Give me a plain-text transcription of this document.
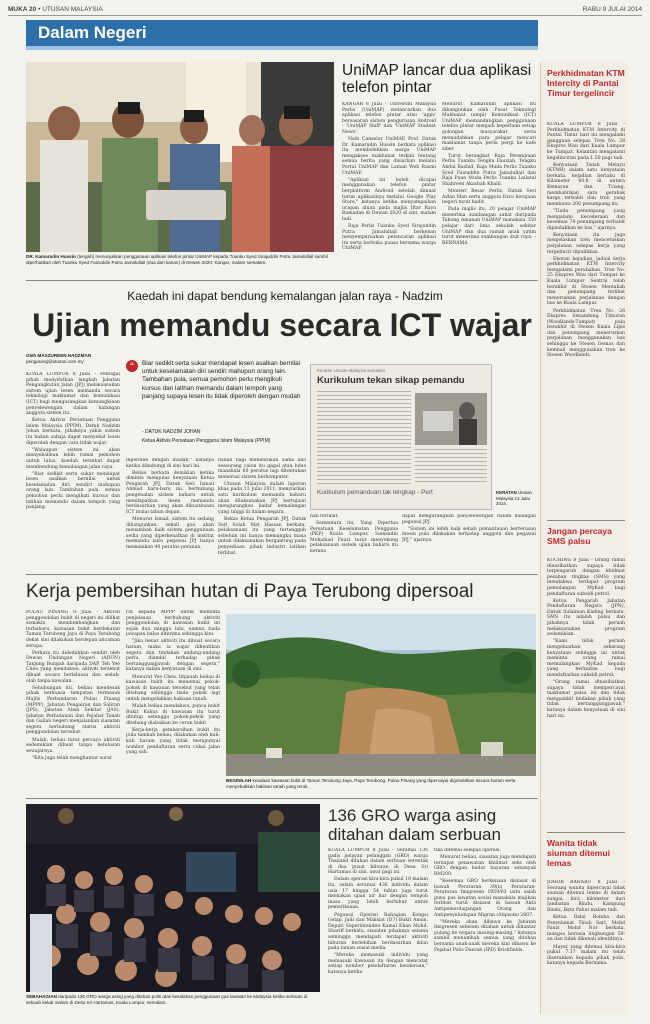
MUKA 20 • UTUSAN MALAYSIA	RABU 9 JULAI 2014
Dalam Negeri
DR. Kamarudin Hussin (tengah) menunjukkan penggunaan aplikasi telefon pintar UniMAP kepada Tuanku Syed Sirajuddin Putra Jamalullail sambil diperhatikan oleh Tuanku Syed Faizuddin Putra Jamalullail (dua dari kanan) di Dewan 2020, Kangar, malam semalam.
UniMAP lancar dua aplikasi telefon pintar

KANGAR 8 Julai - Universiti Malaysia Perlis (UniMAP) melancarkan dua aplikasi telefon pintar atau 'apps' bersasaran sistem pengurusan Android - 'UniMAP Staff' dan 'UniMAP Student News'.

Naib Canselor UniMAP, Prof. Datuk Dr. Kamarudin Hussin berkata aplikasi itu membolehkan warga UniMAP mengakses maklumat terkini tentang semua berita yang disiarkan melalui Portal UniMAP dan Laman Web Rasmi UniMAP.

"Aplikasi ini boleh dicapai menggunakan telefon pintar berplatform Android setelah dimuat turun aplikasinya melalui Google Play Store," katanya ketika menyampaikan ucapan aluan pada majlis Iftar Raya Ramadan di Dewan 2020 di sini, malam tadi.

Raja Perlis Tuanku Syed Sirajuddin Putra Jamalullail berkenan menyempurnakan pelancaran aplikasi itu serta berbuka puasa bersama warga UniMAP.

Menurut Kamarudin aplikasi itu dibangunkan oleh Pusat Teknologi Maklumat (ampi) Komunikasi (ICT) UniMAP memandangkan penggunaan telefon pintar menjadi keperluan setiap golongan masyarakat serta memudahkan para pelajar mencari maklumat tanpa perlu pergi ke kafe siber.

Turut berangkat Raja Perempuan Perlis Tuanku Tengku Fauziah, Tengku Abdul Rashid, Raja Muda Perlis Tuanku Syed Faizuddin Putra Jamalullail dan Raja Puan Muda Perlis Tuanku Lailatul Shahreen Akashah Khalil.

Menteri Besar Perlis, Datuk Seri Azlan Man serta anggota Exco kerajaan negeri turut hadir.

Pada majlis itu, 20 pelajar UniMAP menerima sumbangan zakat daripada Tabung Amanah UniMAP manakala 350 pelajar dari lima sekolah sekitar UniMAP dan dua rumah anak yatim turut menerima sumbangan duit raya. - BERNAMA

Kaedah ini dapat bendung kemalangan jalan raya - Nadzim
Ujian memandu secara ICT wajar
Oleh MASZUREEN HADZMAN
pengarang@utusan.com.my

KUALA LUMPUR 8 Julai - Pelbagai pihak menyifatkan langkah Jabatan Pengangkutan Jalan (JPJ) melaksanakan sistem ujian lesen memandu secara teknologi maklumat dan komunikasi (ICT) bagi mengurangkan kemungkinan penyelewengan dalam kalangan anggota sistem itu.

Ketua Aktivis Persatuan Pengguna Islam Malaysia (PPIM), Datuk Nadzim Johan berkata, pihaknya yakin sistem itu bukan sahaja dapat menyekat lesen diperoleh dengan cara tidak wajar.

"Walaupun sistem ini akan menyebabkan lebih ramai pemohon untuk lulus, kaedah tersebut dapat membendung kemalangan jalan raya.

"Biar sedikit serta sukar mendapat lesen asalkan bernilai untuk keselamatan diri sendiri mahupun orang lain. Tambahan pula, semua pemohon perlu mengikuti kursus dan latihan memandu dalam tempoh yang panjang.

“	Biar sedikit serta sukar mendapat lesen asalkan bernilai untuk keselamatan diri sendiri mahupun orang lain. Tambahan pula, semua pemohon perlu mengikuti kursus dan latihan memandu dalam tempoh yang panjang supaya lesen itu tidak diperoleh dengan mudah
- DATUK NADZIM JOHAN
Ketua Aktivis Persatuan Pengguna Islam Malaysia (PPIM)

diperoleh dengan mudah," katanya ketika dihubungi di sini hari ini.

Beliau berkata demikian ketika diminta mengulas kenyataan Ketua Pengarah JPJ, Datuk Seri Ismail Ahmad baru-baru ini, berhubung pengenalan sistem baharu untuk mendapatkan lesen memandu berdasarkan yang akan dikuatkuasa ICT mulai tahun depan.

Menurut Ismail, sistem itu sedang dibangunkan, sekali gus akan menambah baik sistem penggunaan sedia yang diperkenalkan di institut memandu iaitu pegawai JPJ hanya memainkan 40 peratus peranan.

nanan bagi menentukan sama ada seseorang calon itu gagal atau lulus manakala 60 peratus lagi ditentukan menerusi sistem berkomputer.

Utusan Malaysia dalam laporan khas pada 13 Julai 2011, menyiarkan satu kurikulum memandu baharu akan dilaksanakan JPJ bertujuan mengurangkan kadar kemalangan yang tinggi di dalam negara.

Bekas Ketua Pengarah JPJ, Datuk Seri Solah Mat Hassan berkata, pelaksanaan itu yang tertangguh sebelum ini hanya memangku masa untuk dilaksanakan bergantung pada penyediaan pihak industri latihan terlibat.

Keratan Utusan Malaysia semalam
Kurikulum tekan sikap pemandu
Kurikulum pemanduan tak lengkap - Pert	KERATAN Utusan Malaysia 13 Julai 2014.

han terlibat.

Sementara itu, Yang Dipertua Persatuan Keselamatan Pengguna (PKP) Kuala Lumpur, Samsudin Mohamad Fauzi turut menyokong pelaksanaan sistem ujian baharu itu kerana

dapat mengurangkan penyelewengan dalam kalangan pegawai JPJ.

"Sistem ini lebih baik sebab pemantauan berterusan mesin pula dilakukan terhadap anggota dan pegawai JPJ," ujarnya.

Kerja pembersihan hutan di Paya Terubong dipersoal

PULAU PINANG 8 Julai - Aktiviti penggondolan bukit di negeri ini dilihat semakin membimbangkan dan terbaharu, kawasan bukit berdekatan Taman Terubong Jaya di Paya Terubong dekat sini dilakukan berdepan ancaman serupa.

Perkara itu didedahkan sendiri oleh Dewan Undangan Negeri (ADUN) Tanjung Bungah daripada DAP, Teh Yee Cheu yang mendakwa, aktiviti tersebut dibuat secara berleluasa dan sedah-olah tanpa kawalan.

Sehubungan itu, beliau mendesak pihak berkuasa tempatan termasuk Majlis Perbandaran Pulau Pinang (MPPP), Jabatan Pengairan dan Saliran (JPS), Jabatan Alam Sekitar (JAS), Jabatan Perhutanan dan Pejabat Tanah dan Galian negeri menjalankan siasatan segera berhubung status aktiviti penggondolan tersebut.

Malah, beliau turut percaya aktiviti sedemikian dibuat tanpa kelulusan sewajarnya.

"Kita juga telah menghantar surat

rat kepada MPPP untuk meminta penjelasan berhubung aktiviti penggondolan di kawasan bukit ini sejak dua minggu lalu, namun tiada jawapan balas diterima sehingga kini.

"Jika benar aktiviti itu dibuat secara haram, maka ia wajar dihentikan segera dan tindakan undang-undang perlu diambil terhadap pihak bertanggungjawab dengan segera," katanya dalam kenyataan di sini.

Menurut Yee Cheu, tinjauan beliau di kawasan bukit itu menemui pokok-pokok di kawasan tersebut yang telah ditebang sehingga tiada pokok lagi untuk mengelakkan hakisan tanah.

Malah beliau mendakwa, punca bukit Bukit Kukus di kawasan itu turut ditutup sehingga pokok-pokok yang ditebang diabaikan ke cerun bukit.

Kerja-kerja pembersihan bukit itu pula tambah beliau, dilakukan oleh kuli-kuli haram yang tidak mempunyai nombor pendaftaran serta cukai jalan yang sah.

BEGINILAH keadaan kawasan bukit di Taman Terubong Jaya, Paya Terubong, Pulau Pinang yang dipercayai digondolkan secara haram serta menyebabkan hakisan tanah yang teruk.
SEBAHAGIAN daripada 136 GRO warga asing yang ditahan polis atas kesalahan penggunaan pas lawatan ke Malaysia ketika serbuan di sebuah kelab malam di Desa Sri Hartamas, Kuala Lumpur, semalam.
136 GRO warga asing ditahan dalam serbuan

KUALA LUMPUR 8 Julai - Seramai 136 gadis pelayan pelanggan (GRO) warga Thailand ditahan dalam serbuan serentak di dua pusat hiburan di Desa Sri Hartamas di sini, awal pagi ini.

Dalam operasi kira-kira pukul 10 malam itu, selain seramai 436 individu dalam usia 17 hingga 54 tahun juga turut memakan ujian air liur dengan tempoh masa yang lebih berhibur untuk pemeriksaan.

Pegawai Operasi Bahagian Kongsi Gelap, Judi dan Maksiat (D7) Bukit Aman, Deputi Superintenden Kamal Khan Mohd. Shariff berkata, siasatan pihaknya selama seminggu mendapati terdapat aktiviti hiburan berlebihan berdasarkan iklan pada laman sosial media.

"Mereka memasuki individu yang memasuki kawasan itu dengan mencatat setiap nombor pendaftaran kenderaan," katanya ketika

tika ditemui selepas operasi.

Menurut beliau, siasatan juga mendapati terdapat penawaran khidmat seks oleh GRO dengan kadar bayaran sebanyak RM200.

"Kesemua GRO berkenaan disiasat di bawah Peraturan 39(b) Peraturan-Peraturan Imigresen 1959/63 iaitu salah guna pas lawatan sosial manakala majikan terlibat turut disiasat di bawah Akta Antipemerdagangan Orang dan Antipenyeludupan Migran (Atipsom) 2007.

"Mereka akan dibawa ke Jabatan Imigresen sebelum ditahan untuk dihantar pulang ke negara masing-masing," katanya sambil menambah semua yang ditahan bersama anak-anak mereka kini dibawa ke Pejabat Polis Daerah (IPD) Brickfields.

Perkhidmatan KTM Intercity di Pantai Timur tergelincir

KUALA LUMPUR 8 Julai - Perkhidmatan KTM Intercity di Pantai Timur hari ini mengalami gangguan selepas Tren No. 28 Ekspres Wau dari Kuala Lumpur ke Tumpat, Kelantan mengalami kegelinciran pada 1.50 pagi tadi.

Kenyataan Tanah Melayu (KTMB) dalam satu kenyataan berkata, kejadian berlaku di Kilometer 60.6 di antara Kemayan dan Triang, membabitkan satu gerabak kargo terbabit dan tren yang membawa 200 penumpang itu.

"Tiada penumpang yang mengalami kecederaan dan kesemua 74 penumpang terbabit dipindahkan ke bas," ujarnya.

Kenyataan itu juga menjelaskan tren mencetuskan perjalanan selepas kerja yang tergelincir dipulihkan.

Ekoran kejadian, jadual kerja perkhidmatan KTM Intercity mengalami perubahan. Tren No. 25 Ekspres Wau dari Tumpat ke Kuala Lumpur Sentral telah berakhir di Stesen Mentakab dan penumpang terlibat meneruskan perjalanan dengan bas ke Kuala Lumpur.

Perkhidmatan Tren No. 26 Ekspres Senandung Timuran (Woodlands-Tumpat) pula berakhir di Stesen Kuala Lipis dan penumpang meneruskan perjalanan menggunakan bas sehingga ke Stesen Gemas dan kembali menggunakan tren ke Stesen Woodlands.

Jangan percaya SMS palsu

KUCHING 8 Julai - Orang ramai dinasihatkan supaya tidak terpengaruh dengan khidmat pesanan ringkas (SMS) yang mendakwa terdapat program pemulangan MyKad bagi pendaftaran subsidi petrol.

Ketua Pengarah Jabatan Pendaftaran Negara (JPN), Datuk Sulaiman Kading berkata, SMS itu adalah palsu dan pihaknya tidak pernah melaksanakan program sedemikian.

"Kami tidak pernah mengeluarkan sebarang kenyataan sehingga ini untuk meminta orang ramai memulangkan MyKad kepada yang berkaitan bagi mendaftarkan subsidi petrol.

"Orang ramai dinasihatkan supaya tidak mempercayai maklumat palsu ini dan tidak mengambil tindakan pihak yang tidak bertanggungjawab," katanya dalam kenyataan di sini hari ini.

Wanita tidak siuman ditemui lemas

JOHOR BAHARU 8 Julai - Seorang wanita dipercayai tidak siuman ditemui lemas di dalam sungai, kira kilometer dari Jambatan Bindu, Kampung Bindu, Batu Pahat malam tadi.

Ketua Balai Bomba dan Penyelamat Tinah Sari, Mohd Fauzi Mohd Nor berkata, mangsa berusia lingkungan 50-an dan tidak dikenali identitinya.

Mayat yang ditemui kira-kira pukul 7.17 malam itu telah diserahkan kepada pihak polis, katanya kepada Bernama.
